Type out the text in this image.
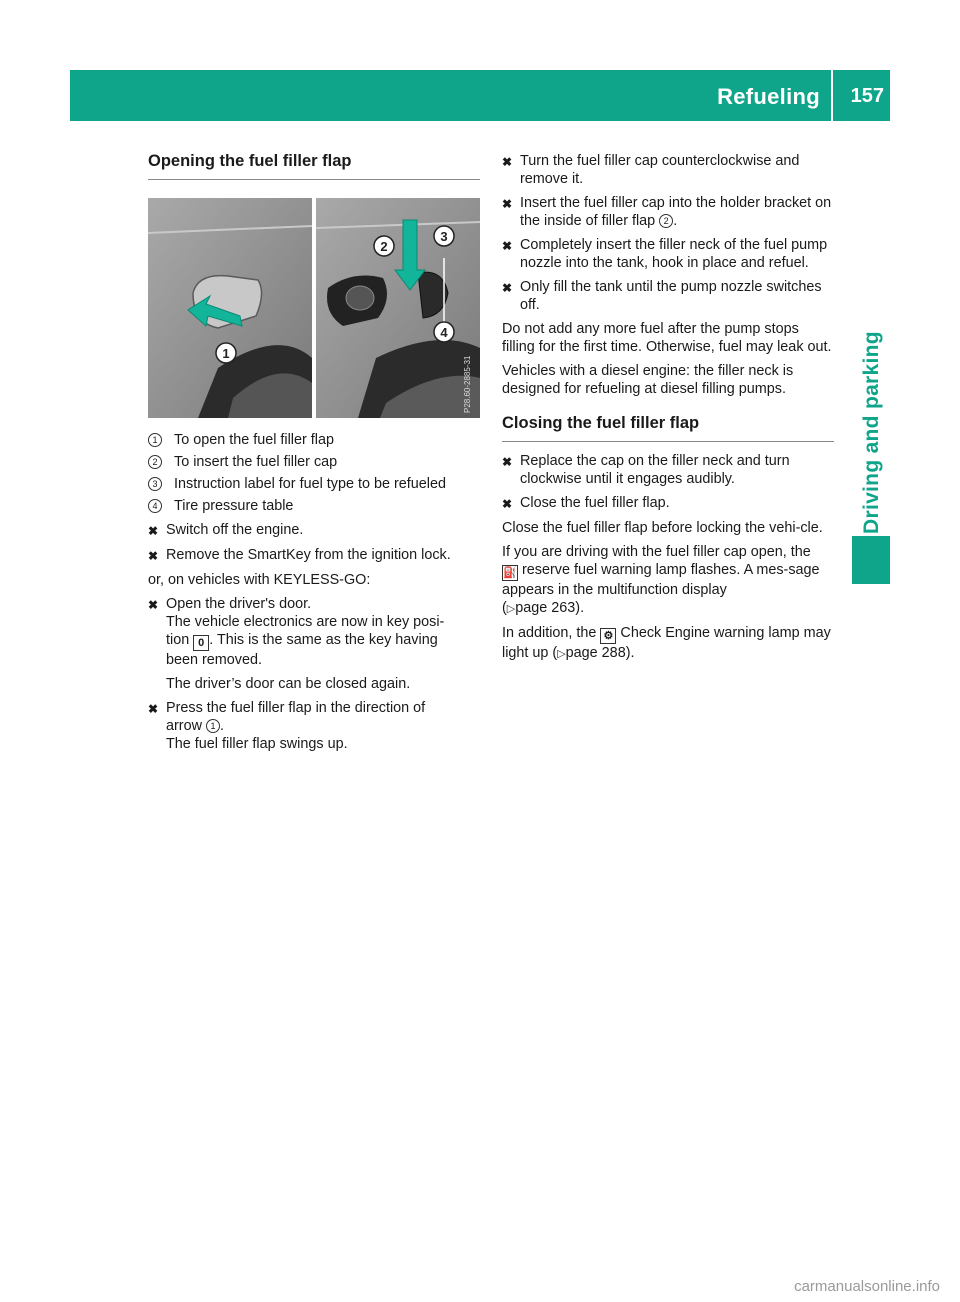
Refueling 157
Driving and parking
Opening the fuel filler flap
1
2
3
4
P28.60-2885-31
1	To open the fuel filler flap
2	To insert the fuel filler cap
3	Instruction label for fuel type to be refueled
4	Tire pressure table
✖ Switch off the engine.
✖ Remove the SmartKey from the ignition lock.

or, on vehicles with KEYLESS-GO:

✖ Open the driver's door.
The vehicle electronics are now in key posi-
tion 0 . This is the same as the key having
been removed.
The driver’s door can be closed again.
✖ Press the fuel filler flap in the direction of
arrow 1 .
The fuel filler flap swings up.
✖ Turn the fuel filler cap counterclockwise and remove it.
✖ Insert the fuel filler cap into the holder bracket on the inside of filler flap 2 .
✖ Completely insert the filler neck of the fuel pump nozzle into the tank, hook in place and refuel.
✖ Only fill the tank until the pump nozzle switches off.

Do not add any more fuel after the pump stops filling for the first time. Otherwise, fuel may leak out.

Vehicles with a diesel engine: the filler neck is designed for refueling at diesel filling pumps.

Closing the fuel filler flap
✖ Replace the cap on the filler neck and turn clockwise until it engages audibly.
✖ Close the fuel filler flap.

Close the fuel filler flap before locking the vehi-cle.

If you are driving with the fuel filler cap open, the
⛽ reserve fuel warning lamp flashes. A mes-sage appears in the multifunction display
(▷page 263).

In addition, the ⚙ Check Engine warning lamp may light up (▷page 288).

carmanualsonline.info
